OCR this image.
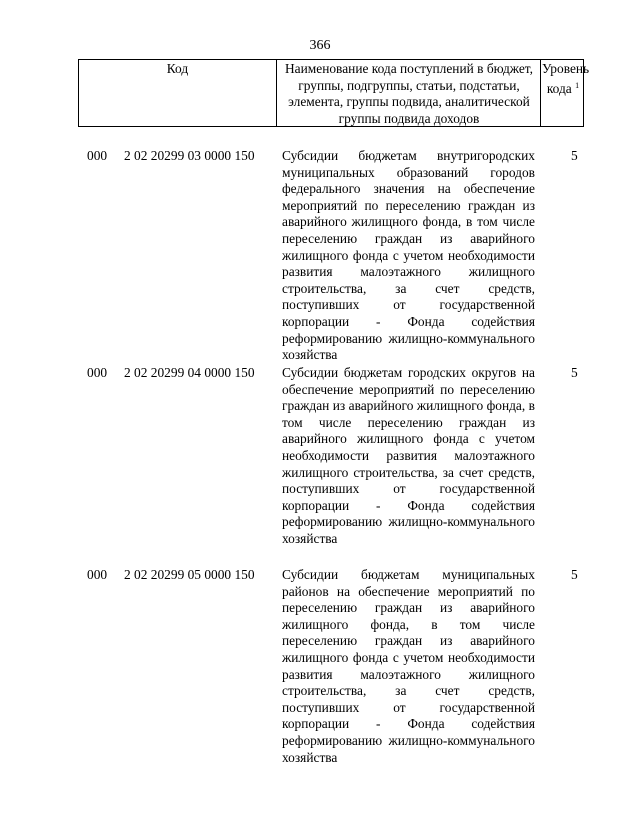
366
Код	Наименование кода поступлений в бюджет, группы, подгруппы, статьи, подстатьи, элемента, группы подвида, аналитической группы подвида доходов
Уровень кода $^1$
000 2 02 20299 03 0000 150 Субсидии бюджетам внутригородских муниципальных образований городов федерального значения на обеспечение мероприятий по переселению граждан из аварийного жилищного фонда, в том числе переселению граждан из аварийного жилищного фонда с учетом необходимости развития малоэтажного жилищного строительства, за счет средств, поступивших от государственной корпорации - Фонда содействия реформированию жилищно-коммунального хозяйства
5
000 2 02 20299 04 0000 150 Субсидии бюджетам городских округов на обеспечение мероприятий по переселению граждан из аварийного жилищного фонда, в том числе переселению граждан из аварийного жилищного фонда с учетом необходимости развития малоэтажного жилищного строительства, за счет средств, поступивших от государственной корпорации - Фонда содействия реформированию жилищно-коммунального хозяйства
5
000 2 02 20299 05 0000 150 Субсидии бюджетам муниципальных районов на обеспечение мероприятий по переселению граждан из аварийного жилищного фонда, в том числе переселению граждан из аварийного жилищного фонда с учетом необходимости развития малоэтажного жилищного строительства, за счет средств, поступивших от государственной корпорации - Фонда содействия реформированию жилищно-коммунального хозяйства
5
